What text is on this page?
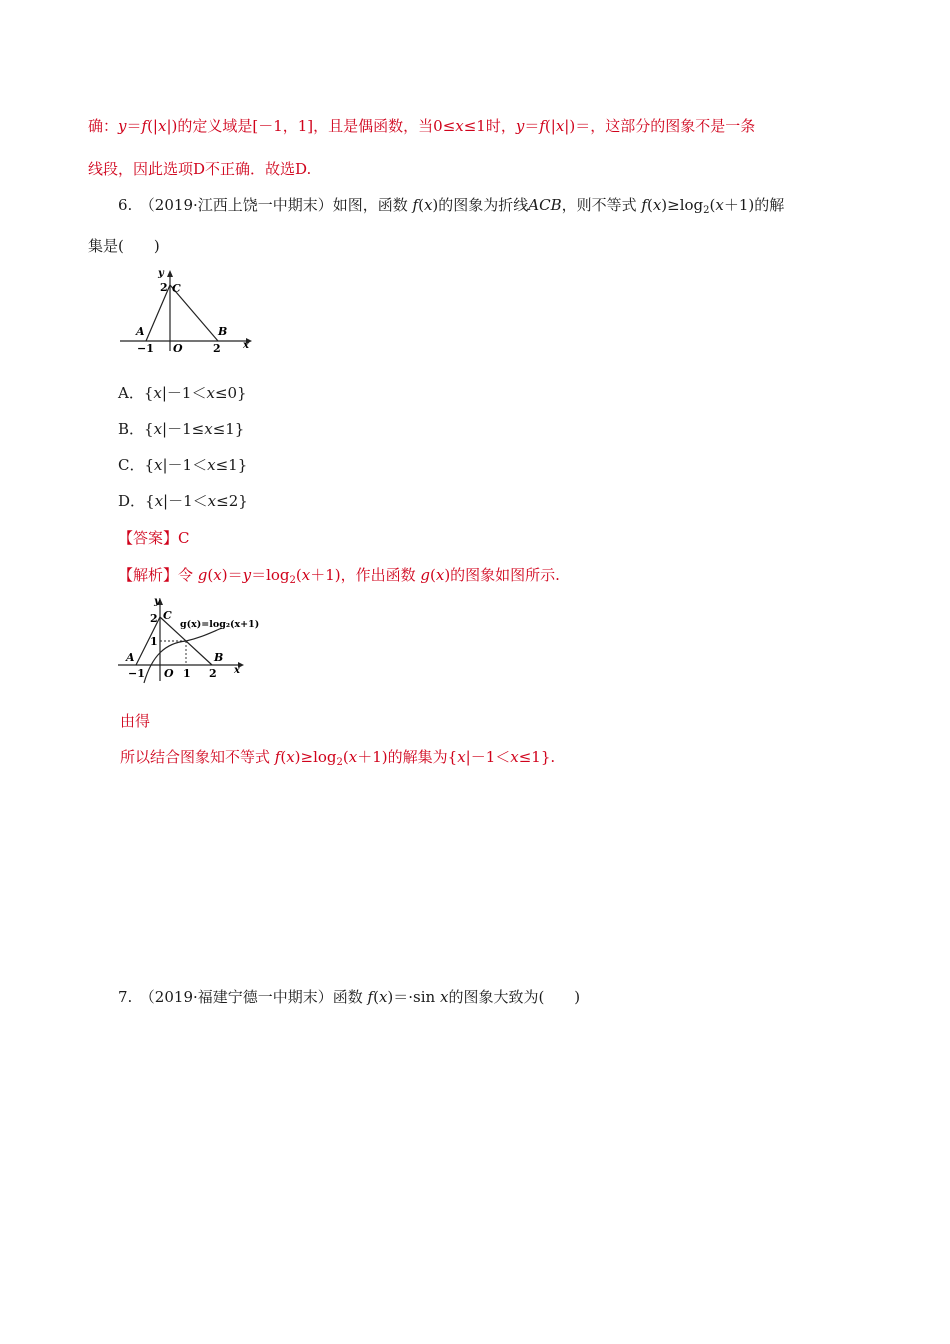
确：y＝f(|x|)的定义域是[－1，1]，且是偶函数，当0≤x≤1时，y＝f(|x|)＝，这部分的图象不是一条
线段，因此选项D不正确．故选D.
6.　（2019·江西上饶一中期末）如图，函数 f(x)的图象为折线ACB，则不等式 $f(x)\ge\log_2(x+1)$的解
集是(　　)
y
2 C
A	B
−1 O	2 x
A．{x|－1＜x≤0}
B．{x|－1≤x≤1}
C．{x|－1＜x≤1}
D．{x|－1＜x≤2}
【答案】C
【解析】令 $g(x)=y=\log_2(x+1)$，作出函数 g(x)的图象如图所示.
y
2 C
1
g(x)=log₂(x+1)
A	B
−1 O 1 2 x
由得
所以结合图象知不等式 $f(x)\ge\log_2(x+1)$的解集为{x|－1＜x≤1}.
7.　（2019·福建宁德一中期末）函数 f(x)＝·sin x的图象大致为(　　)
